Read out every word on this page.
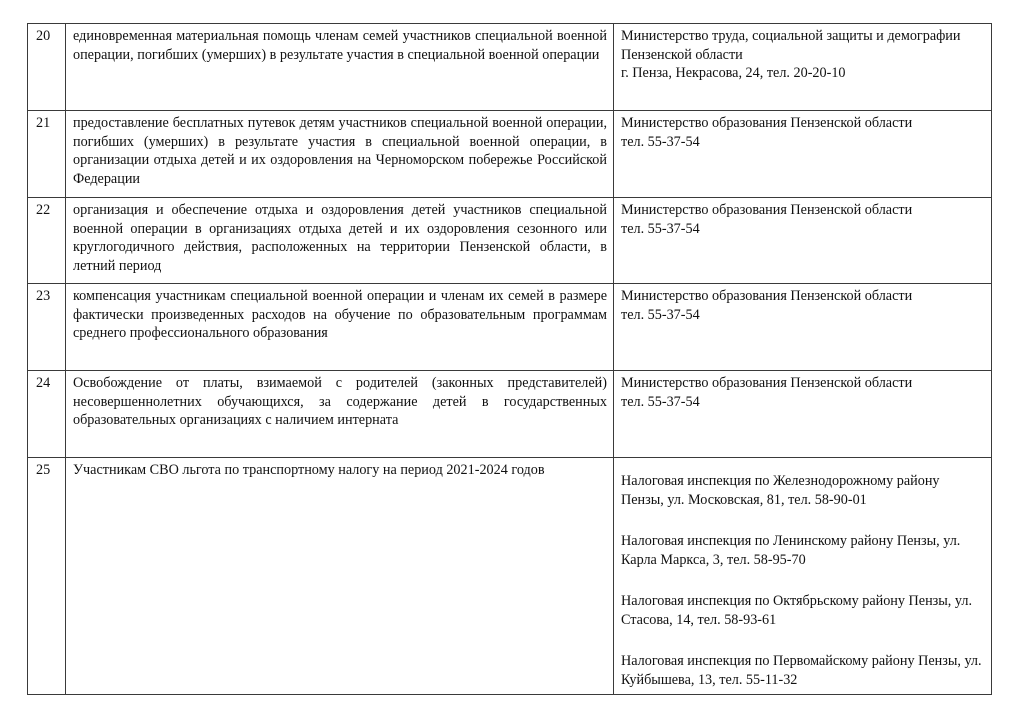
20	единовременная материальная помощь членам семей участников специальной военной операции, погибших (умерших) в результате участия в специальной военной операции	Министерство труда, социальной защиты и демографии Пензенской области
г. Пенза, Некрасова, 24, тел. 20-20-10

21	предоставление бесплатных путевок детям участников специальной военной операции, погибших (умерших) в результате участия в специальной военной операции, в организации отдыха детей и их оздоровления на Черноморском побережье Российской Федерации	Министерство образования Пензенской области
тел. 55-37-54

22	организация и обеспечение отдыха и оздоровления детей участников специальной военной операции в организациях отдыха детей и их оздоровления сезонного или круглогодичного действия, расположенных на территории Пензенской области, в летний период	Министерство образования Пензенской области
тел. 55-37-54

23	компенсация участникам специальной военной операции и членам их семей в размере фактически произведенных расходов на обучение по образовательным программам среднего профессионального образования	Министерство образования Пензенской области
тел. 55-37-54

24	Освобождение от платы, взимаемой с родителей (законных представителей) несовершеннолетних обучающихся, за содержание детей в государственных образовательных организациях с наличием интерната	Министерство образования Пензенской области
тел. 55-37-54

25	Участникам СВО льгота по транспортному налогу на период 2021-2024 годов	Налоговая инспекция по Железнодорожному району Пензы, ул. Московская, 81, тел. 58-90-01
Налоговая инспекция по Ленинскому району Пензы, ул. Карла Маркса, 3, тел. 58-95-70
Налоговая инспекция по Октябрьскому району Пензы, ул. Стасова, 14, тел. 58-93-61
Налоговая инспекция по Первомайскому району Пензы, ул. Куйбышева, 13, тел. 55-11-32
